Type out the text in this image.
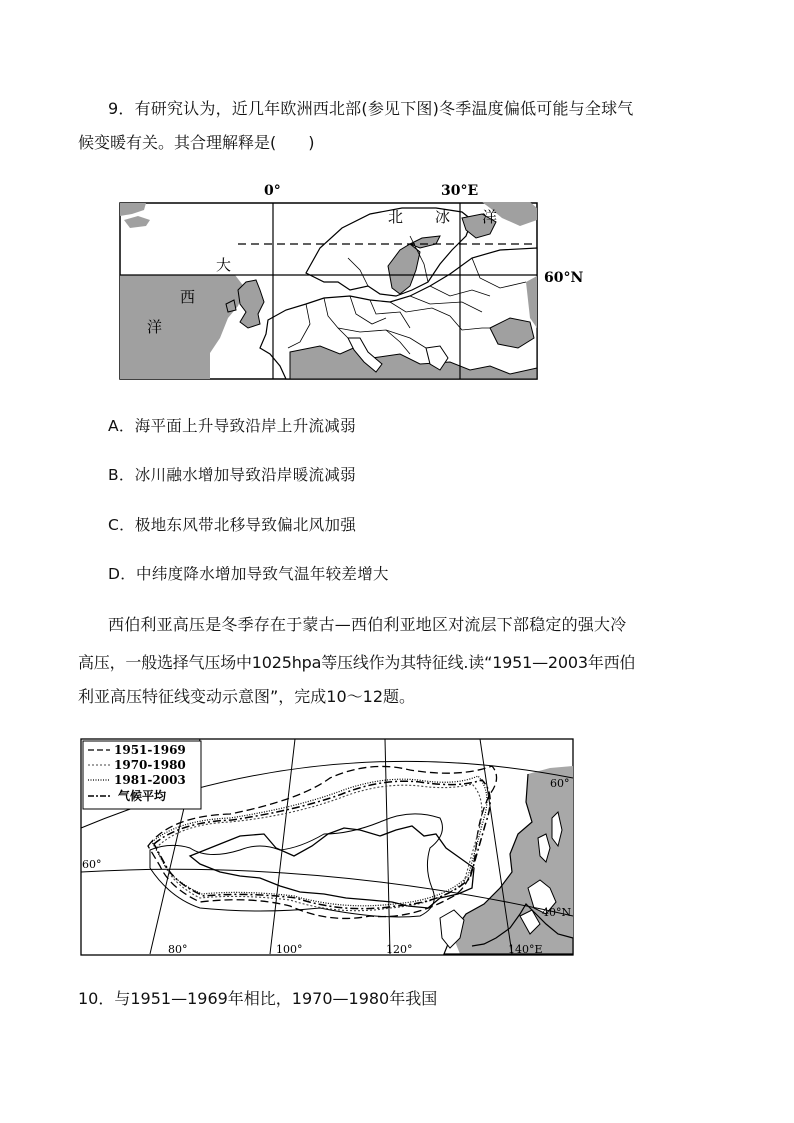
9．有研究认为，近几年欧洲西北部(参见下图)冬季温度偏低可能与全球气
候变暖有关。其合理解释是(　　)
0°	30°E
60°N
北 冰 洋
大
西
洋
A．海平面上升导致沿岸上升流减弱
B．冰川融水增加导致沿岸暖流减弱
C．极地东风带北移导致偏北风加强
D．中纬度降水增加导致气温年较差增大
西伯利亚高压是冬季存在于蒙古—西伯利亚地区对流层下部稳定的强大冷
高压，一般选择气压场中1025hpa等压线作为其特征线.读“1951—2003年西伯
利亚高压特征线变动示意图”，完成10～12题。
1951-1969
1970-1980
1981-2003
气候平均
60°
60°
40°N
80°	100°	120°	140°E
10．与1951—1969年相比，1970—1980年我国
